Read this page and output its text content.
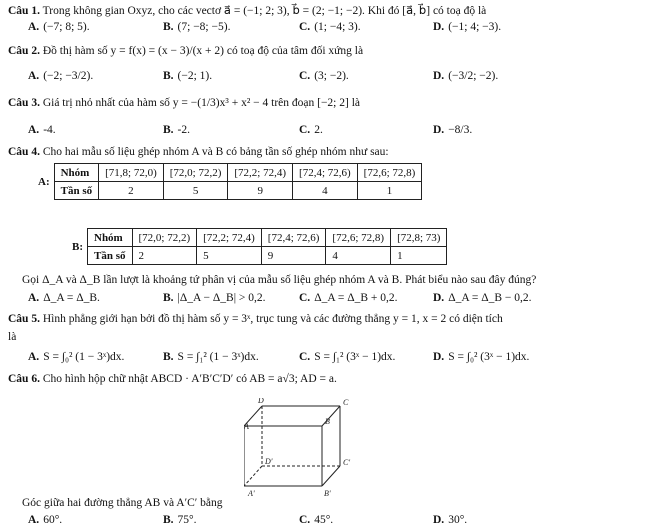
Câu 1. Trong không gian Oxyz, cho các vectơ a⃗ = (−1; 2; 3), b⃗ = (2; −1; −2). Khi đó [a⃗, b⃗] có toạ độ là
A. (−7; 8; 5).	B. (7; −8; −5).	C. (1; −4; 3).	D. (−1; 4; −3).
Câu 2. Đồ thị hàm số y = f(x) = (x − 3)/(x + 2) có toạ độ của tâm đối xứng là
A. (−2; −3/2).	B. (−2; 1).	C. (3; −2).	D. (−3/2; −2).
Câu 3. Giá trị nhỏ nhất của hàm số y = −(1/3)x³ + x² − 4 trên đoạn [−2; 2] là
A. -4.	B. -2.	C. 2.	D. −8/3.
Câu 4. Cho hai mẫu số liệu ghép nhóm A và B có bảng tần số ghép nhóm như sau:
A:	Nhóm	[71,8; 72,0)	[72,0; 72,2)	[72,2; 72,4)	[72,4; 72,6)	[72,6; 72,8)
	Tần số	2	5	9	4	1
B:	Nhóm	[72,0; 72,2)	[72,2; 72,4)	[72,4; 72,6)	[72,6; 72,8)	[72,8; 73)
	Tần số	2	5	9	4	1
Gọi Δ_A và Δ_B lần lượt là khoảng tứ phân vị của mẫu số liệu ghép nhóm A và B. Phát biểu nào sau đây đúng?
A. Δ_A = Δ_B.	B. |Δ_A − Δ_B| > 0,2.	C. Δ_A = Δ_B + 0,2.	D. Δ_A = Δ_B − 0,2.
Câu 5. Hình phẳng giới hạn bởi đồ thị hàm số y = 3ˣ, trục tung và các đường thẳng y = 1, x = 2 có diện tích
là
A. S = ∫₀² (1 − 3ˣ)dx.	B. S = ∫₁² (1 − 3ˣ)dx.	C. S = ∫₁² (3ˣ − 1)dx.	D. S = ∫₀² (3ˣ − 1)dx.
Câu 6. Cho hình hộp chữ nhật ABCD · A′B′C′D′ có AB = a√3; AD = a.
D	C
A
B
D'	C'
A'	B'
Góc giữa hai đường thẳng AB và A′C′ bằng
A. 60°.	B. 75°.	C. 45°.	D. 30°.
